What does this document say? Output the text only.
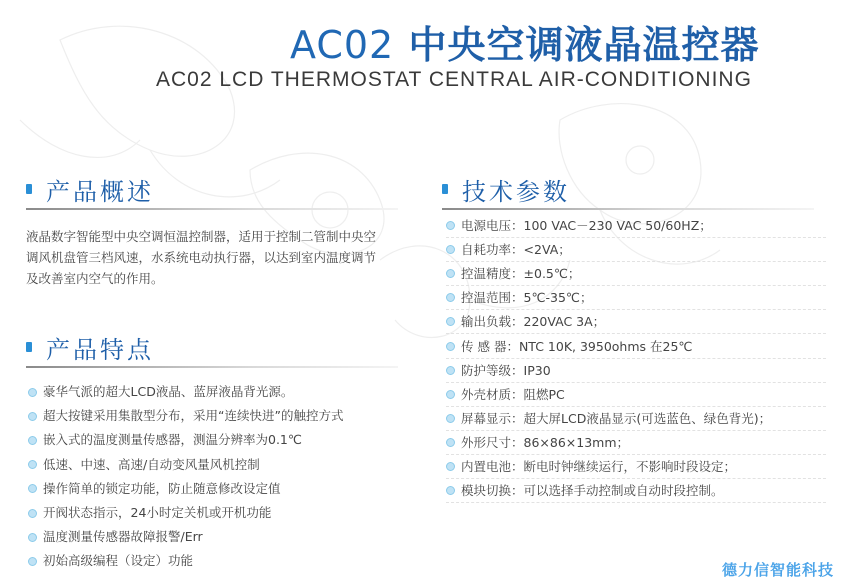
AC02 中央空调液晶温控器
AC02 LCD THERMOSTAT CENTRAL AIR-CONDITIONING
产品概述
液晶数字智能型中央空调恒温控制器，适用于控制二管制中央空调风机盘管三档风速，水系统电动执行器，以达到室内温度调节及改善室内空气的作用。
产品特点
豪华气派的超大LCD液晶、蓝屏液晶背光源。
超大按键采用集散型分布，采用“连续快进”的触控方式
嵌入式的温度测量传感器，测温分辨率为0.1℃
低速、中速、高速/自动变风量风机控制
操作简单的锁定功能，防止随意修改设定值
开阀状态指示，24小时定关机或开机功能
温度测量传感器故障报警/Err
初始高级编程（设定）功能
技术参数
电源电压： 100 VAC－230 VAC 50/60HZ；
自耗功率： <2VA；
控温精度： ±0.5℃；
控温范围： 5℃-35℃；
输出负载： 220VAC 3A；
传 感 器： NTC 10K, 3950ohms 在25℃
防护等级： IP30
外壳材质： 阻燃PC
屏幕显示： 超大屏LCD液晶显示(可选蓝色、绿色背光)；
外形尺寸： 86×86×13mm；
内置电池： 断电时钟继续运行，不影响时段设定；
模块切换： 可以选择手动控制或自动时段控制。
德力信智能科技
